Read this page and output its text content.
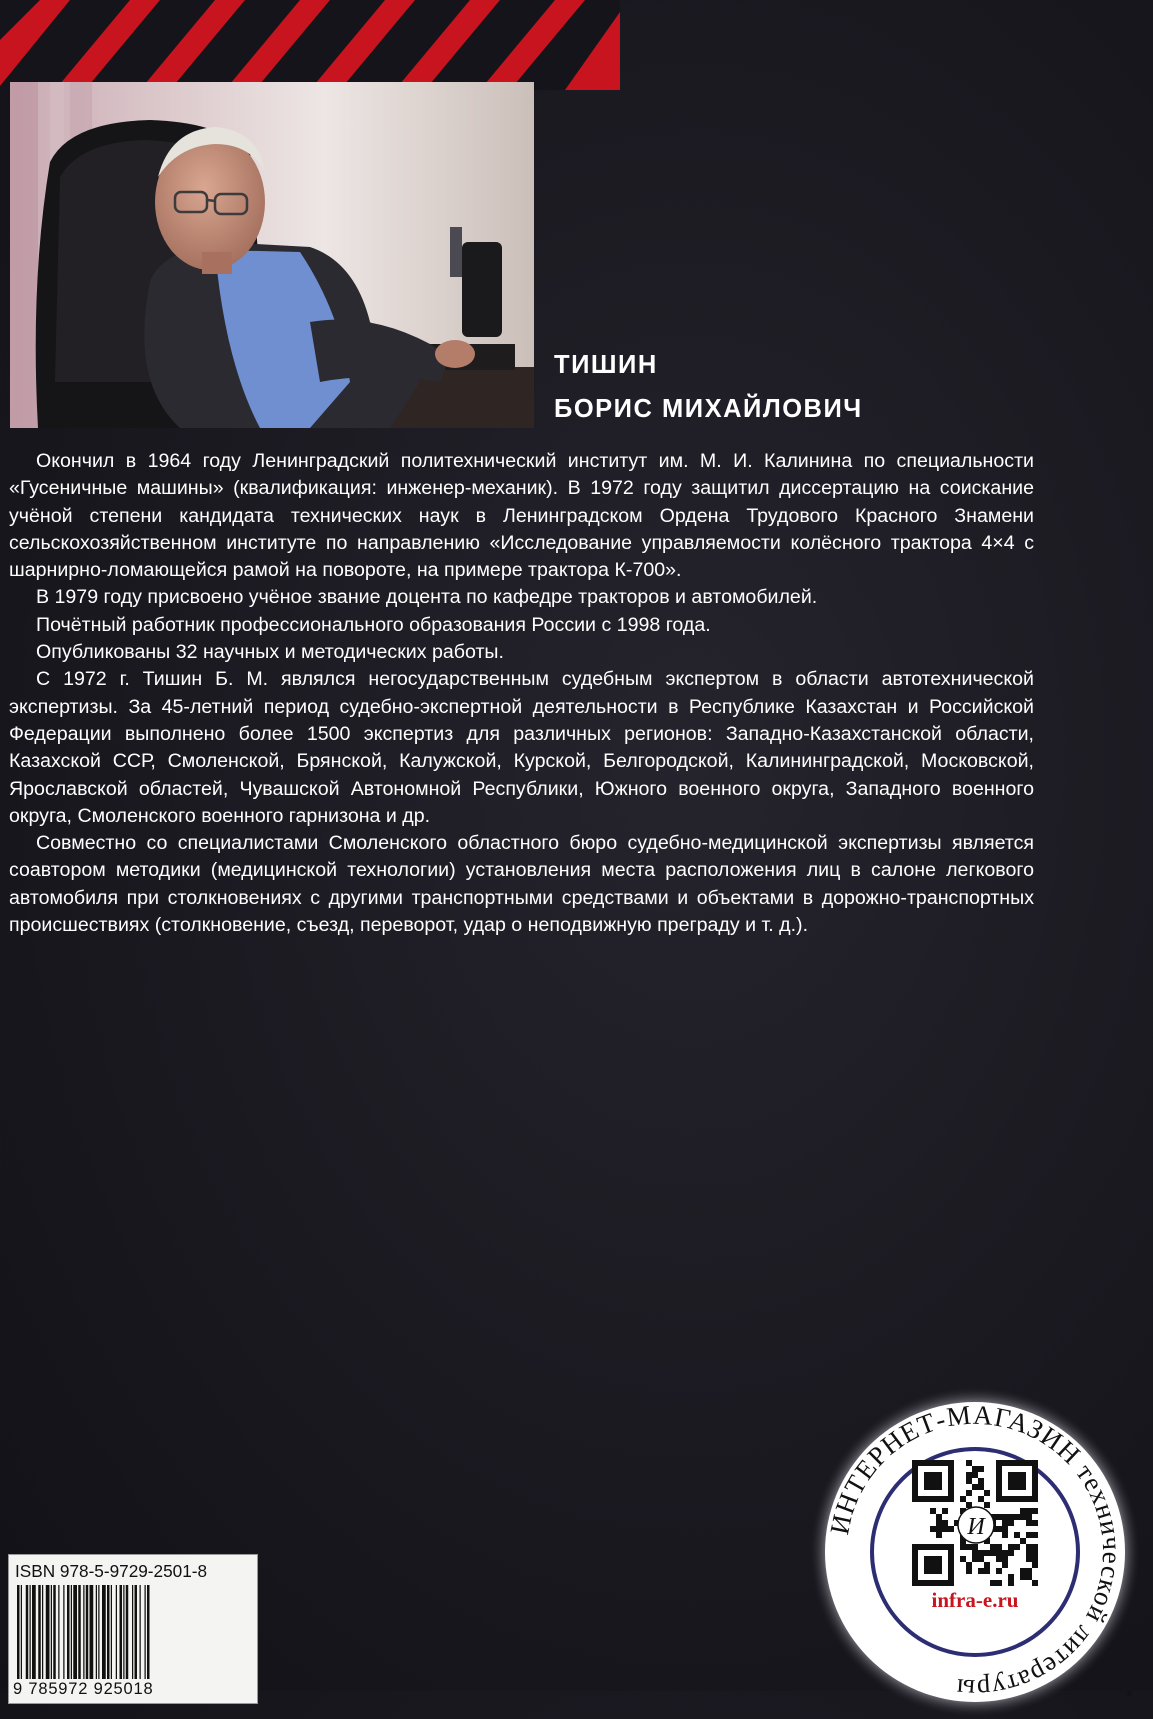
ТИШИН
БОРИС МИХАЙЛОВИЧ

Окончил в 1964 году Ленинградский политехнический институт им. М. И. Калинина по специальности «Гусеничные машины» (квалификация: инженер-механик). В 1972 году защитил диссертацию на соискание учёной степени кандидата технических наук в Ленинградском Ордена Трудового Красного Знамени сельскохозяйственном институте по направлению «Исследование управляемости колёсного трактора 4×4 с шарнирно-ломающейся рамой на повороте, на примере трактора К-700».

В 1979 году присвоено учёное звание доцента по кафедре тракторов и автомобилей.

Почётный работник профессионального образования России с 1998 года.

Опубликованы 32 научных и методических работы.

С 1972 г. Тишин Б. М. являлся негосударственным судебным экспертом в области автотехнической экспертизы. За 45-летний период судебно-экспертной деятельности в Республике Казахстан и Российской Федерации выполнено более 1500 экспертиз для различных регионов: Западно-Казахстанской области, Казахской ССР, Смоленской, Брянской, Калужской, Курской, Белгородской, Калининградской, Московской, Ярославской областей, Чувашской Автономной Республики, Южного военного округа, Западного военного округа, Смоленского военного гарнизона и др.

Совместно со специалистами Смоленского областного бюро судебно-медицинской экспертизы является соавтором методики (медицинской технологии) установления места расположения лиц в салоне легкового автомобиля при столкновениях с другими транспортными средствами и объектами в дорожно-транспортных происшествиях (столкновение, съезд, переворот, удар о неподвижную преграду и т. д.).

ИНТЕРНЕТ-МАГАЗИН технической литературы	*
И
infra-e.ru
ISBN 978-5-9729-2501-8
9 785972 925018
